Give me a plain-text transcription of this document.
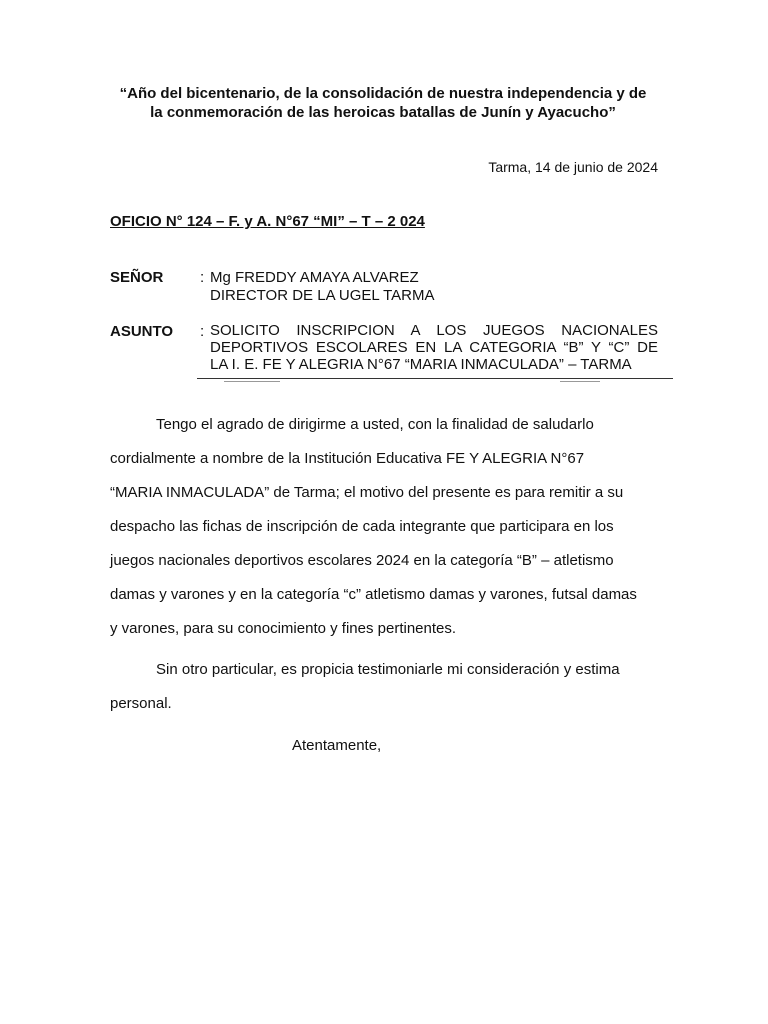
“Año del bicentenario, de la consolidación de nuestra independencia y de
la conmemoración de las heroicas batallas de Junín y Ayacucho”
Tarma, 14 de junio de 2024
OFICIO N° 124 – F. y A. N°67 “MI” – T – 2 024
SEÑOR : Mg FREDDY AMAYA ALVAREZ
DIRECTOR DE LA UGEL TARMA
ASUNTO : SOLICITO INSCRIPCION A LOS JUEGOS NACIONALES
DEPORTIVOS ESCOLARES EN LA CATEGORIA “B” Y “C” DE
LA I. E. FE Y ALEGRIA N°67 “MARIA INMACULADA” – TARMA
Tengo el agrado de dirigirme a usted, con la finalidad de saludarlo
cordialmente a nombre de la Institución Educativa FE Y ALEGRIA N°67
“MARIA INMACULADA” de Tarma; el motivo del presente es para remitir a su
despacho las fichas de inscripción de cada integrante que participara en los
juegos nacionales deportivos escolares 2024 en la categoría “B” – atletismo
damas y varones y en la categoría “c” atletismo damas y varones, futsal damas
y varones, para su conocimiento y fines pertinentes.
Sin otro particular, es propicia testimoniarle mi consideración y estima
personal.
Atentamente,
